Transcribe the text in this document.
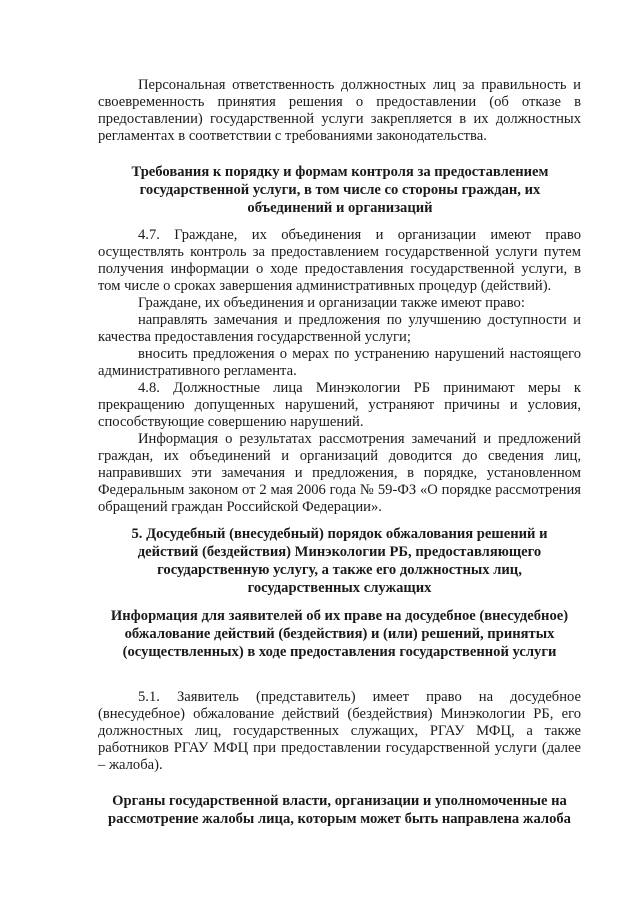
Персональная ответственность должностных лиц за правильность и своевременность принятия решения о предоставлении (об отказе в предоставлении) государственной услуги закрепляется в их должностных регламентах в соответствии с требованиями законодательства.

Требования к порядку и формам контроля за предоставлением государственной услуги, в том числе со стороны граждан, их объединений и организаций

4.7. Граждане, их объединения и организации имеют право осуществлять контроль за предоставлением государственной услуги путем получения информации о ходе предоставления государственной услуги, в том числе о сроках завершения административных процедур (действий).

Граждане, их объединения и организации также имеют право:

направлять замечания и предложения по улучшению доступности и качества предоставления государственной услуги;

вносить предложения о мерах по устранению нарушений настоящего административного регламента.

4.8. Должностные лица Минэкологии РБ принимают меры к прекращению допущенных нарушений, устраняют причины и условия, способствующие совершению нарушений.

Информация о результатах рассмотрения замечаний и предложений граждан, их объединений и организаций доводится до сведения лиц, направивших эти замечания и предложения, в порядке, установленном Федеральным законом от 2 мая 2006 года № 59-ФЗ «О порядке рассмотрения обращений граждан Российской Федерации».

5. Досудебный (внесудебный) порядок обжалования решений и действий (бездействия) Минэкологии РБ, предоставляющего государственную услугу, а также его должностных лиц, государственных служащих

Информация для заявителей об их праве на досудебное (внесудебное) обжалование действий (бездействия) и (или) решений, принятых (осуществленных) в ходе предоставления государственной услуги

5.1. Заявитель (представитель) имеет право на досудебное (внесудебное) обжалование действий (бездействия) Минэкологии РБ, его должностных лиц, государственных служащих, РГАУ МФЦ, а также работников РГАУ МФЦ при предоставлении государственной услуги (далее – жалоба).

Органы государственной власти, организации и уполномоченные на рассмотрение жалобы лица, которым может быть направлена жалоба
